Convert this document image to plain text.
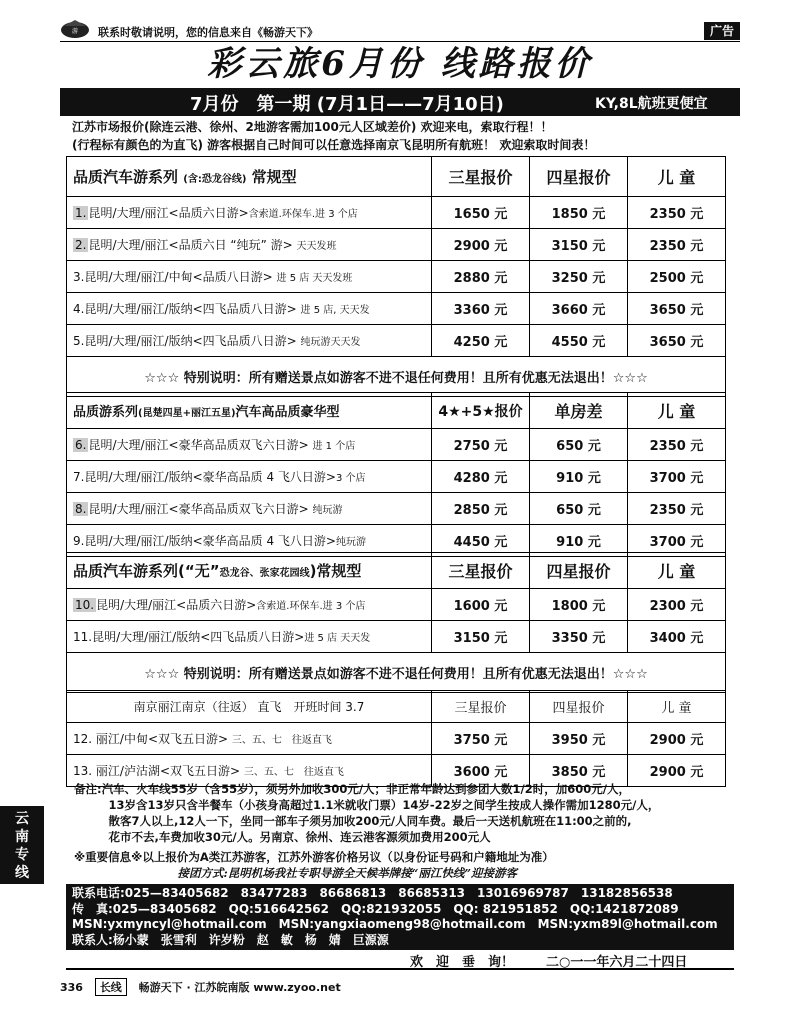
游 联系时敬请说明，您的信息来自《畅游天下》	广告
彩云旅6月份 线路报价
7月份　第一期 (7月1日——7月10日)	KY,8L航班更便宜
江苏市场报价(除连云港、徐州、2地游客需加100元人区域差价) 欢迎来电，索取行程！！
(行程标有颜色的为直飞) 游客根据自己时间可以任意选择南京飞昆明所有航班！ 欢迎索取时间表！
品质汽车游系列 (含:恐龙谷线) 常规型	三星报价	四星报价	儿 童
1. 昆明/大理/丽江<品质六日游>含索道.环保车.进 3 个店	1650 元	1850 元	2350 元
2. 昆明/大理/丽江<品质六日 “纯玩” 游> 天天发班	2900 元	3150 元	2350 元
3.昆明/大理/丽江/中甸<品质八日游> 进 5 店 天天发班	2880 元	3250 元	2500 元
4.昆明/大理/丽江/版纳<四飞品质八日游> 进 5 店, 天天发	3360 元	3660 元	3650 元
5.昆明/大理/丽江/版纳<四飞品质八日游> 纯玩游天天发	4250 元	4550 元	3650 元
☆☆☆ 特别说明：所有赠送景点如游客不进不退任何费用！且所有优惠无法退出！☆☆☆			
品质游系列(昆楚四星+丽江五星)汽车高品质豪华型	4★+5★报价	单房差	儿 童
6. 昆明/大理/丽江<豪华高品质双飞六日游> 进 1 个店	2750 元	650 元	2350 元
7.昆明/大理/丽江/版纳<豪华高品质 4 飞八日游>3 个店	4280 元	910 元	3700 元
8. 昆明/大理/丽江<豪华高品质双飞六日游> 纯玩游	2850 元	650 元	2350 元
9.昆明/大理/丽江/版纳<豪华高品质 4 飞八日游>纯玩游	4450 元	910 元	3700 元
品质汽车游系列(“无”恐龙谷、张家花园线)常规型	三星报价	四星报价	儿 童
10. 昆明/大理/丽江<品质六日游>含索道.环保车.进 3 个店	1600 元	1800 元	2300 元
11.昆明/大理/丽江/版纳<四飞品质八日游>进 5 店 天天发	3150 元	3350 元	3400 元
☆☆☆ 特别说明：所有赠送景点如游客不进不退任何费用！且所有优惠无法退出！☆☆☆			
南京丽江南京（往返） 直飞　开班时间 3.7	三星报价	四星报价	儿 童
12. 丽江/中甸<双飞五日游> 三、五、七　往返直飞	3750 元	3950 元	2900 元
13. 丽江/泸沽湖<双飞五日游> 三、五、七　往返直飞	3600 元	3850 元	2900 元
云
南
专
线
备注:汽车、火车线55岁（含55岁），须另外加收300元/人；非正常年龄达到参团人数1/2时，加600元/人，
　　　13岁含13岁只含半餐车（小孩身高超过1.1米就收门票）14岁-22岁之间学生按成人操作需加1280元/人，
　　　散客7人以上,12人一下，坐同一部车子须另加收200元/人同车费。最后一天送机航班在11:00之前的,
　　　花市不去,车费加收30元/人。另南京、徐州、连云港客源须加费用200元人
※重要信息※以上报价为A类江苏游客，江苏外游客价格另议（以身份证号码和户籍地址为准）
　　　　　　　　　接团方式:昆明机场我社专职导游全天候举牌接“丽江快线”迎接游客
联系电话:025—83405682　83477283　86686813　86685313　13016969787　13182856538
传　真:025—83405682　QQ:516642562　QQ:821932055　QQ: 821951852　QQ:1421872089
MSN:yxmyncyl@hotmail.com　MSN:yangxiaomeng98@hotmail.com　MSN:yxm89l@hotmail.com
联系人:杨小蒙　张雪利　许岁粉　赵　敏　杨　婧　巨源源
欢　迎　垂　询！ 二○一一年六月二十四日
336 长线 畅游天下 · 江苏皖南版 www.zyoo.net
